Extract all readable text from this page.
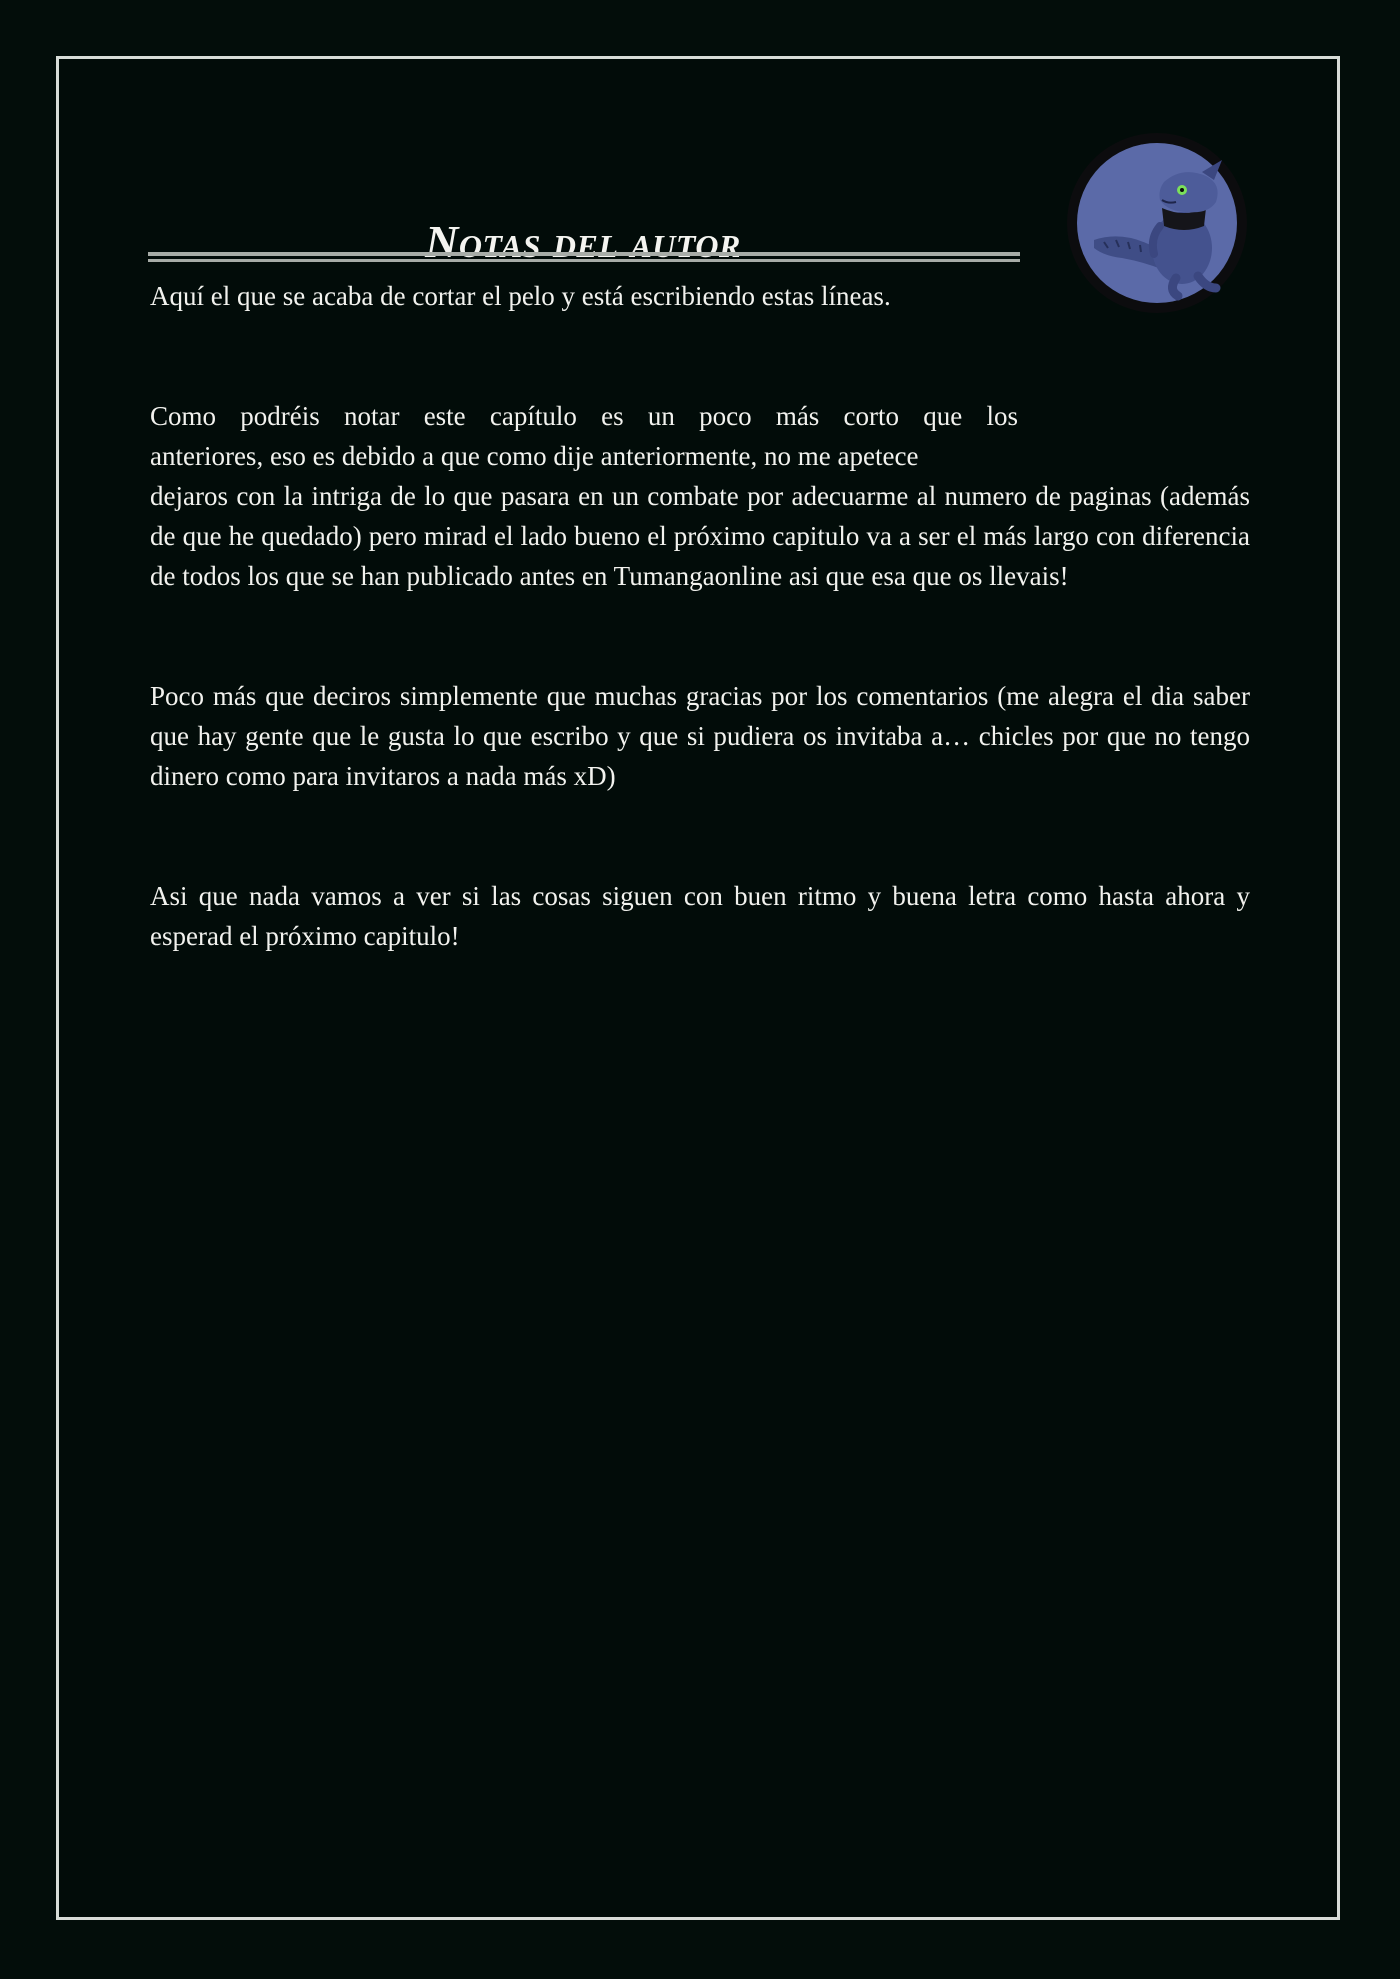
Notas del autor

Aquí el que se acaba de cortar el pelo y está escribiendo estas líneas.

Como podréis notar este capítulo es un poco más corto que los
anteriores, eso es debido a que como dije anteriormente, no me apetece
dejaros con la intriga de lo que pasara en un combate por adecuarme al numero de paginas (además de que he quedado) pero mirad el lado bueno el próximo capitulo va a ser el más largo con diferencia de todos los que se han publicado antes en Tumangaonline asi que esa que os llevais!

Poco más que deciros simplemente que muchas gracias por los comentarios (me alegra el dia saber que hay gente que le gusta lo que escribo y que si pudiera os invitaba a… chicles por que no tengo dinero como para invitaros a nada más xD)

Asi que nada vamos a ver si las cosas siguen con buen ritmo y buena letra como hasta ahora y esperad el próximo capitulo!
